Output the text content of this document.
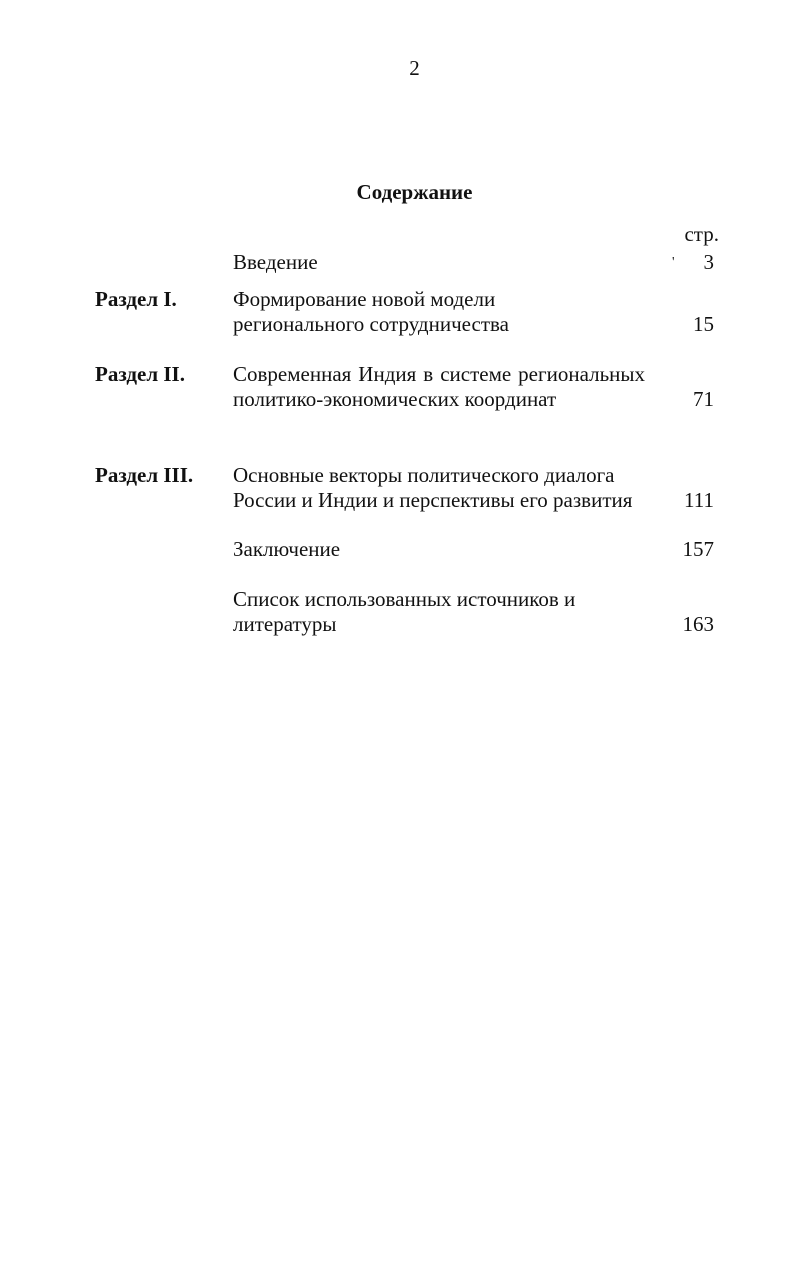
2
Содержание
стр.
'
Введение	3
Раздел I.	Формирование новой модели
регионального сотрудничества	15
Раздел II. Современная Индия в системе региональных
политико-экономических координат	71
Раздел III. Основные векторы политического диалога
России и Индии и перспективы его развития	111
Заключение	157
Список использованных источников и
литературы	163
